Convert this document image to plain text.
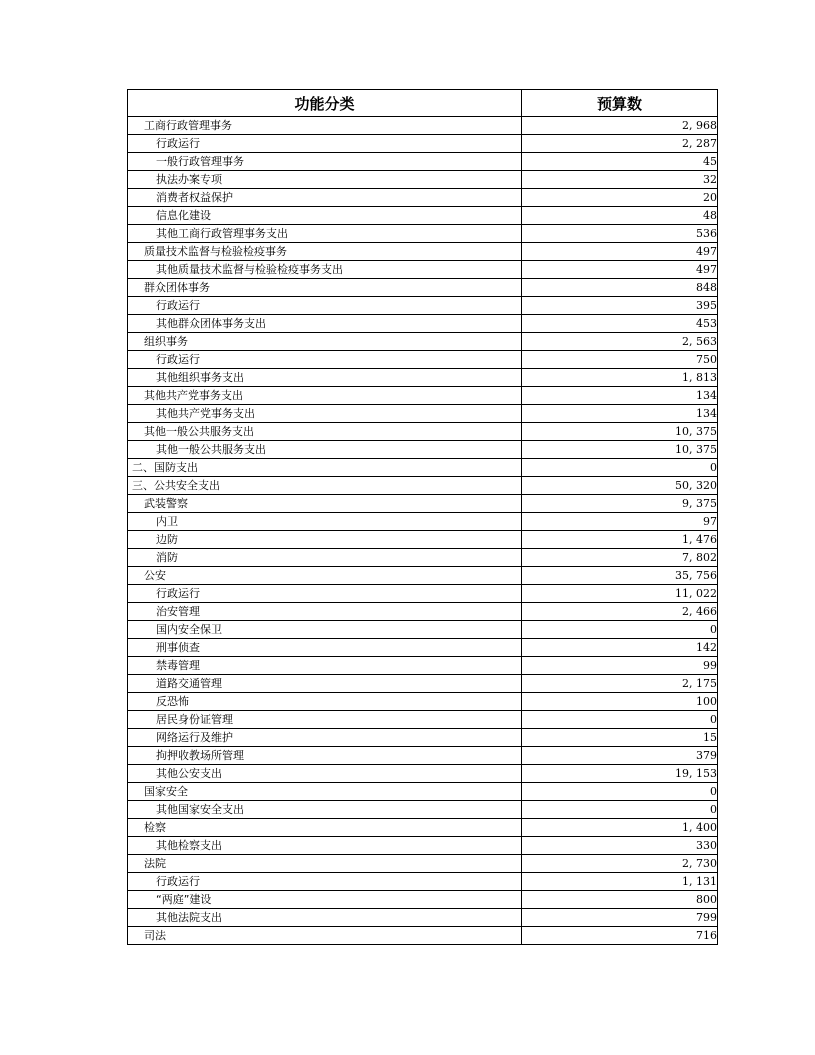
功能分类	预算数
工商行政管理事务	2, 968
行政运行	2, 287
一般行政管理事务	45
执法办案专项	32
消费者权益保护	20
信息化建设	48
其他工商行政管理事务支出	536
质量技术监督与检验检疫事务	497
其他质量技术监督与检验检疫事务支出	497
群众团体事务	848
行政运行	395
其他群众团体事务支出	453
组织事务	2, 563
行政运行	750
其他组织事务支出	1, 813
其他共产党事务支出	134
其他共产党事务支出	134
其他一般公共服务支出	10, 375
其他一般公共服务支出	10, 375
二、国防支出	0
三、公共安全支出	50, 320
武装警察	9, 375
内卫	97
边防	1, 476
消防	7, 802
公安	35, 756
行政运行	11, 022
治安管理	2, 466
国内安全保卫	0
刑事侦查	142
禁毒管理	99
道路交通管理	2, 175
反恐怖	100
居民身份证管理	0
网络运行及维护	15
拘押收教场所管理	379
其他公安支出	19, 153
国家安全	0
其他国家安全支出	0
检察	1, 400
其他检察支出	330
法院	2, 730
行政运行	1, 131
“两庭”建设	800
其他法院支出	799
司法	716
